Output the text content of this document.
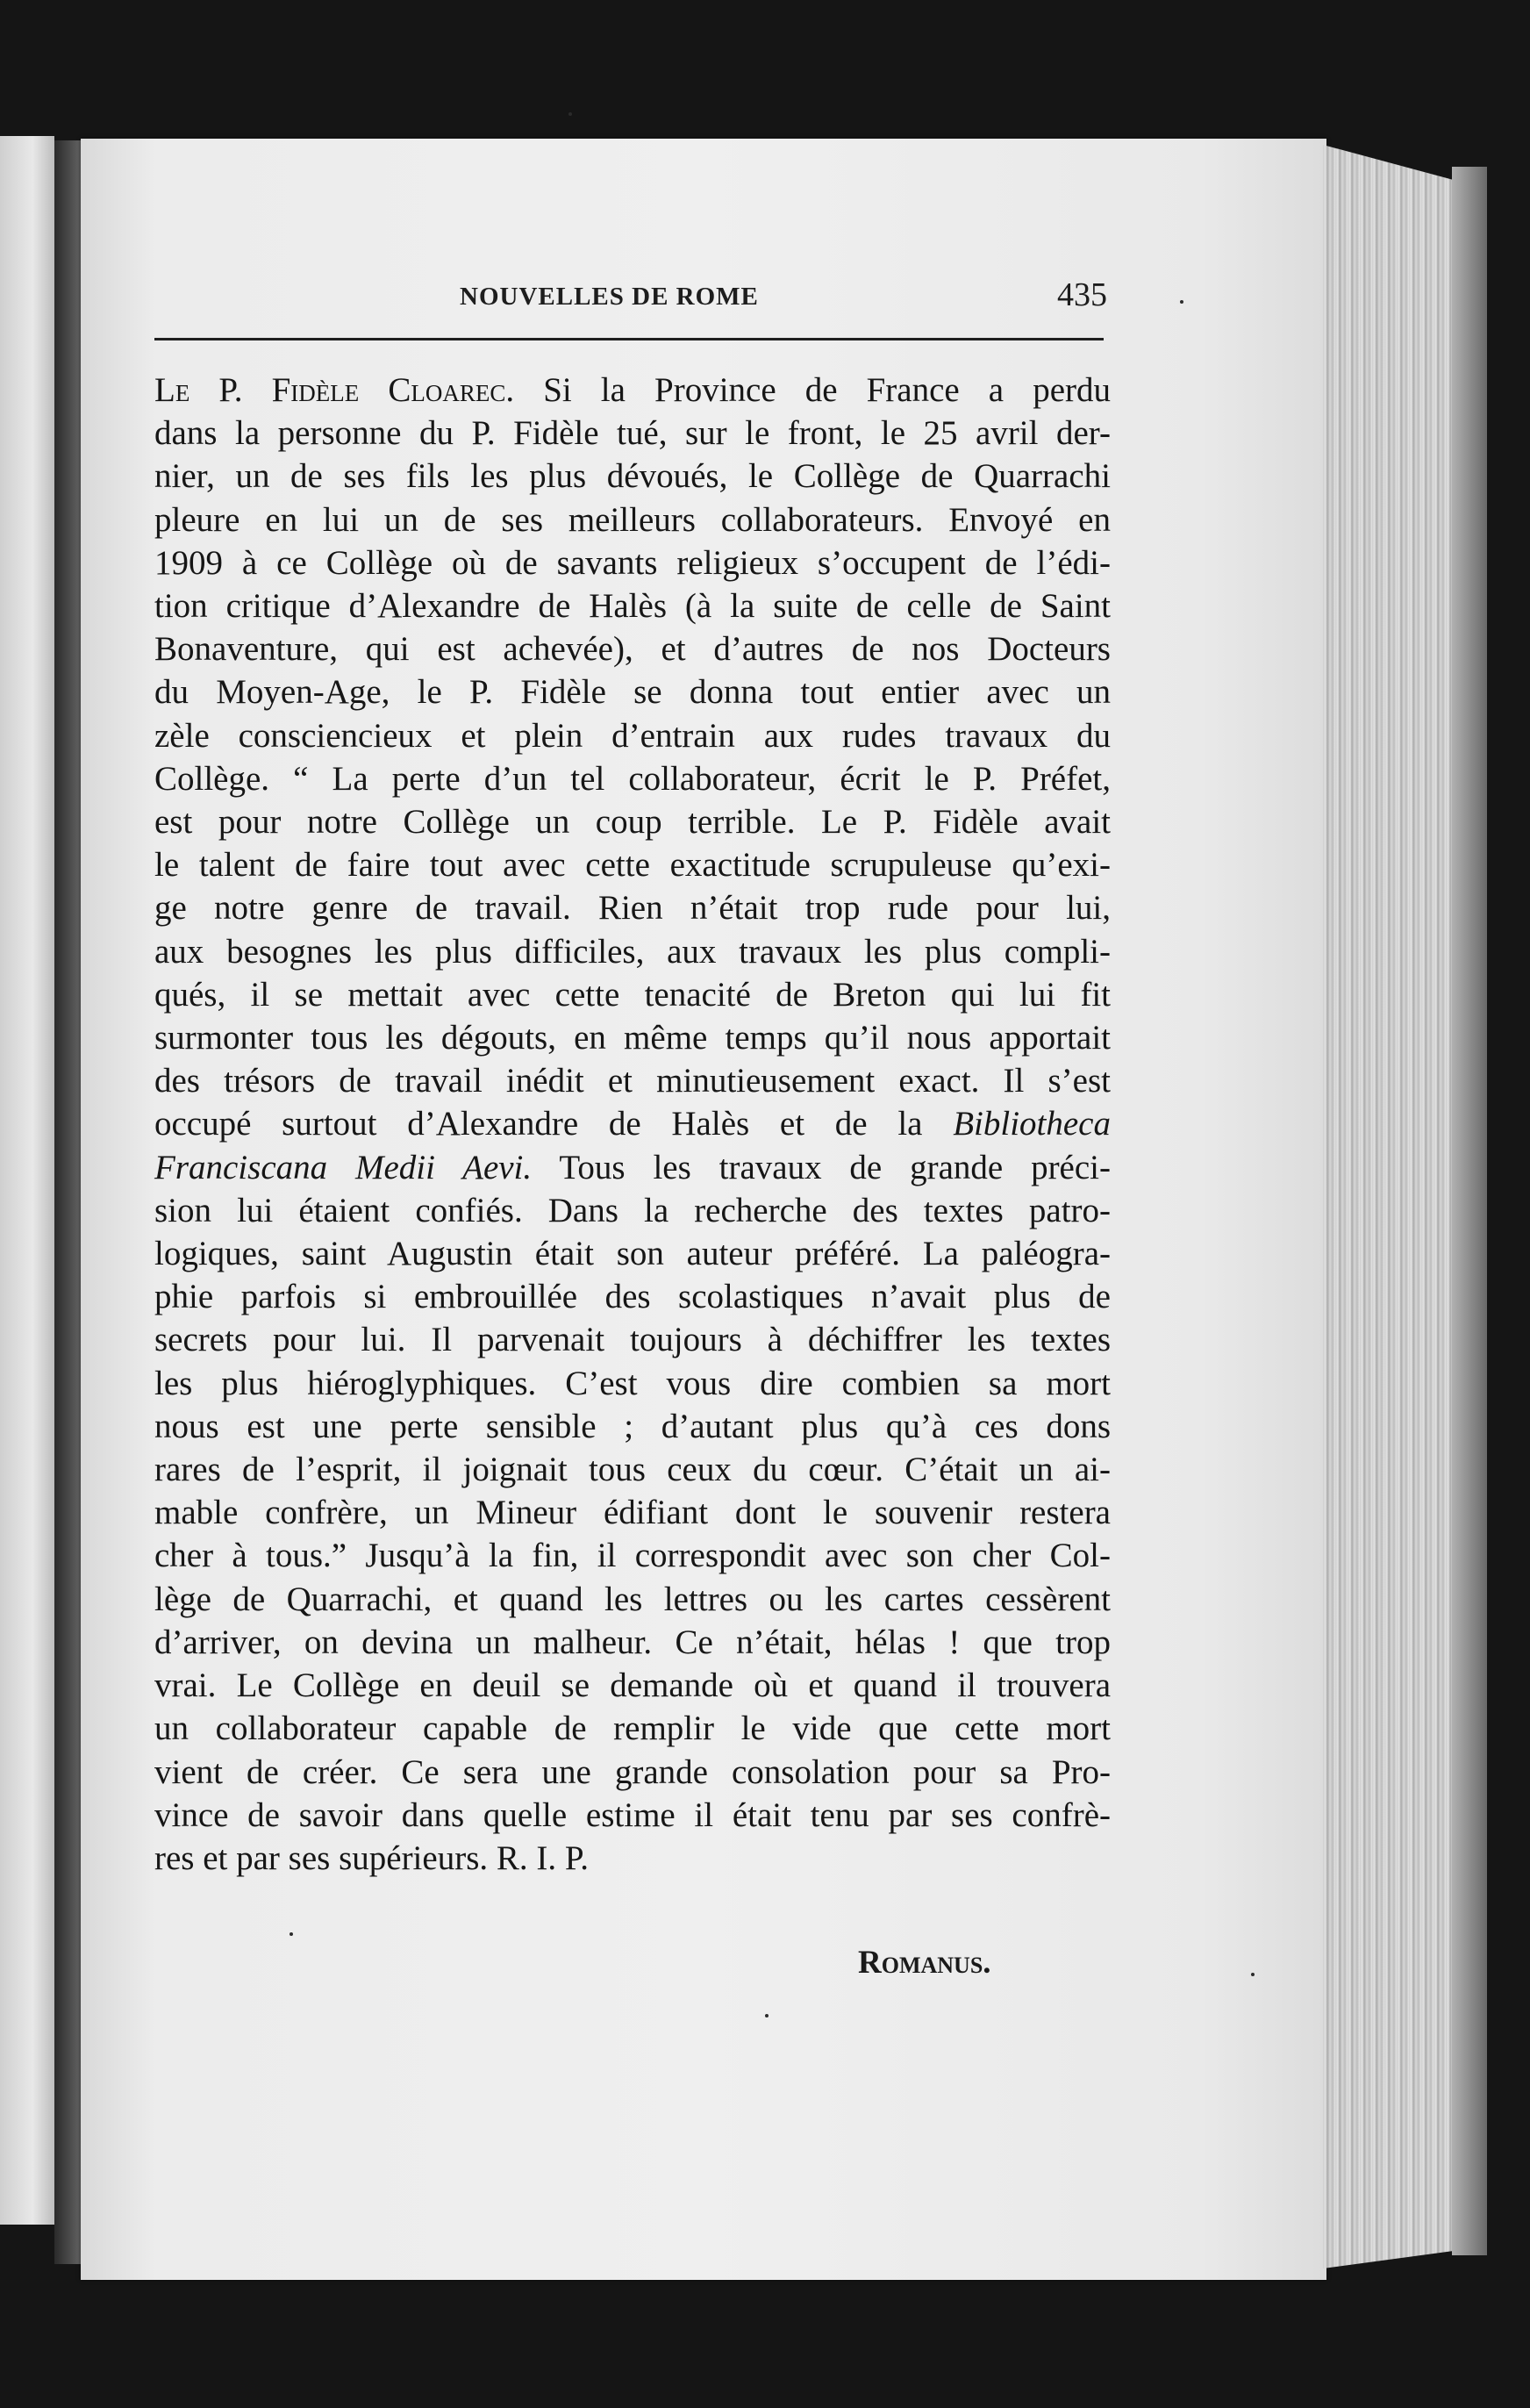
NOUVELLES DE ROME	435
Le P. Fidèle Cloarec. Si la Province de France a perdu
dans la personne du P. Fidèle tué, sur le front, le 25 avril der-
nier, un de ses fils les plus dévoués, le Collège de Quarrachi
pleure en lui un de ses meilleurs collaborateurs. Envoyé en
1909 à ce Collège où de savants religieux s’occupent de l’édi-
tion critique d’Alexandre de Halès (à la suite de celle de Saint
Bonaventure, qui est achevée), et d’autres de nos Docteurs
du Moyen-Age, le P. Fidèle se donna tout entier avec un
zèle consciencieux et plein d’entrain aux rudes travaux du
Collège. “ La perte d’un tel collaborateur, écrit le P. Préfet,
est pour notre Collège un coup terrible. Le P. Fidèle avait
le talent de faire tout avec cette exactitude scrupuleuse qu’exi-
ge notre genre de travail. Rien n’était trop rude pour lui,
aux besognes les plus difficiles, aux travaux les plus compli-
qués, il se mettait avec cette tenacité de Breton qui lui fit
surmonter tous les dégouts, en même temps qu’il nous apportait
des trésors de travail inédit et minutieusement exact. Il s’est
occupé surtout d’Alexandre de Halès et de la Bibliotheca
Franciscana Medii Aevi. Tous les travaux de grande préci-
sion lui étaient confiés. Dans la recherche des textes patro-
logiques, saint Augustin était son auteur préféré. La paléogra-
phie parfois si embrouillée des scolastiques n’avait plus de
secrets pour lui. Il parvenait toujours à déchiffrer les textes
les plus hiéroglyphiques. C’est vous dire combien sa mort
nous est une perte sensible ; d’autant plus qu’à ces dons
rares de l’esprit, il joignait tous ceux du cœur. C’était un ai-
mable confrère, un Mineur édifiant dont le souvenir restera
cher à tous.” Jusqu’à la fin, il correspondit avec son cher Col-
lège de Quarrachi, et quand les lettres ou les cartes cessèrent
d’arriver, on devina un malheur. Ce n’était, hélas ! que trop
vrai. Le Collège en deuil se demande où et quand il trouvera
un collaborateur capable de remplir le vide que cette mort
vient de créer. Ce sera une grande consolation pour sa Pro-
vince de savoir dans quelle estime il était tenu par ses confrè-
res et par ses supérieurs. R. I. P.
Romanus.
